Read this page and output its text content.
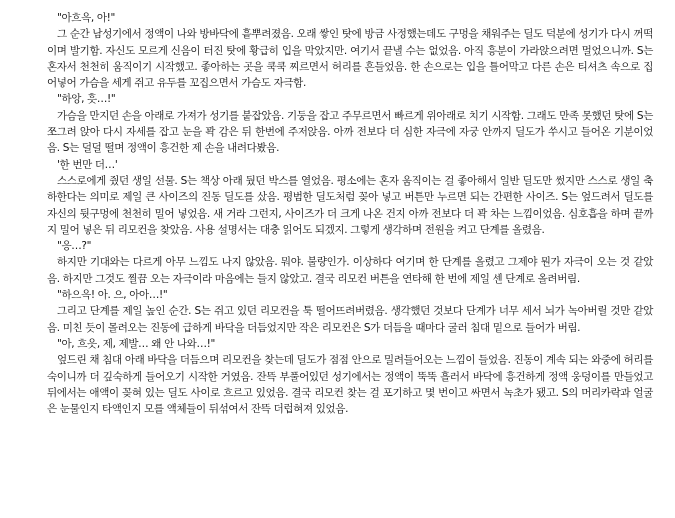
"아흐윽, 아!"

그 순간 남성기에서 정액이 나와 방바닥에 흩뿌려졌음. 오래 쌓인 탓에 방금 사정했는데도 구멍을 채워주는 딜도 덕분에 성기가 다시 꺼떡이며 발기함. 자신도 모르게 신음이 터진 탓에 황급히 입을 막았지만. 여기서 끝낼 수는 없었음. 아직 흥분이 가라앉으려면 멀었으니까. S는 혼자서 천천히 움직이기 시작했고. 좋아하는 곳을 쿡쿡 찌르면서 허리를 흔들었음. 한 손으로는 입을 틀어막고 다른 손은 티셔츠 속으로 집어넣어 가슴을 세게 쥐고 유두를 꼬집으면서 가슴도 자극함.

"하앙, 흣…!"

가슴을 만지던 손을 아래로 가져가 성기를 붙잡았음. 기둥을 잡고 주무르면서 빠르게 위아래로 치기 시작함. 그래도 만족 못했던 탓에 S는 쪼그려 앉아 다시 자세를 잡고 눈을 꽉 감은 뒤 한번에 주저앉음. 아까 전보다 더 심한 자극에 자궁 안까지 딜도가 쑤시고 들어온 기분이었음. S는 덜덜 떨며 정액이 흥건한 제 손을 내려다봤음.

'한 번만 더…'

스스로에게 줬던 생일 선물. S는 책상 아래 뒀던 박스를 열었음. 평소에는 혼자 움직이는 걸 좋아해서 일반 딜도만 썼지만 스스로 생일 축하한다는 의미로 제일 큰 사이즈의 진동 딜도를 샀음. 평범한 딜도처럼 꽂아 넣고 버튼만 누르면 되는 간편한 사이즈. S는 엎드려서 딜도를 자신의 뒷구멍에 천천히 밀어 넣었음. 새 거라 그런지, 사이즈가 더 크게 나온 건지 아까 전보다 더 꽉 차는 느낌이었음. 심호흡을 하며 끝까지 밀어 넣은 뒤 리모컨을 찾았음. 사용 설명서는 대충 읽어도 되겠지. 그렇게 생각하며 전원을 켜고 단계를 올렸음.

"응…?"

하지만 기대와는 다르게 아무 느낌도 나지 않았음. 뭐야. 불량인가. 이상하다 여기며 한 단계를 올렸고 그제야 뭔가 자극이 오는 것 같았음. 하지만 그것도 찔끔 오는 자극이라 마음에는 들지 않았고. 결국 리모컨 버튼을 연타해 한 번에 제일 센 단계로 올려버림.

"하으윽! 아. 으, 아아…!"

그리고 단계를 제일 높인 순간. S는 쥐고 있던 리모컨을 툭 떨어뜨려버렸음. 생각했던 것보다 단계가 너무 세서 뇌가 녹아버릴 것만 같았음. 미친 듯이 몰려오는 진동에 급하게 바닥을 더듬었지만 작은 리모컨은 S가 더듬을 때마다 굴러 침대 밑으로 들어가 버림.

"아, 흐읏, 제, 제발… 왜 안 나와…!"

엎드린 채 침대 아래 바닥을 더듬으며 리모컨을 찾는데 딜도가 점점 안으로 밀려들어오는 느낌이 들었음. 진동이 계속 되는 와중에 허리를 숙이니까 더 깊숙하게 들어오기 시작한 거였음. 잔뜩 부풀어있던 성기에서는 정액이 뚝뚝 흘러서 바닥에 흥건하게 정액 웅덩이를 만들었고 뒤에서는 애액이 꽂혀 있는 딜도 사이로 흐르고 있었음. 결국 리모컨 찾는 걸 포기하고 몇 번이고 싸면서 녹초가 됐고. S의 머리카락과 얼굴은 눈물인지 타액인지 모를 액체들이 뒤섞여서 잔뜩 더럽혀져 있었음.
